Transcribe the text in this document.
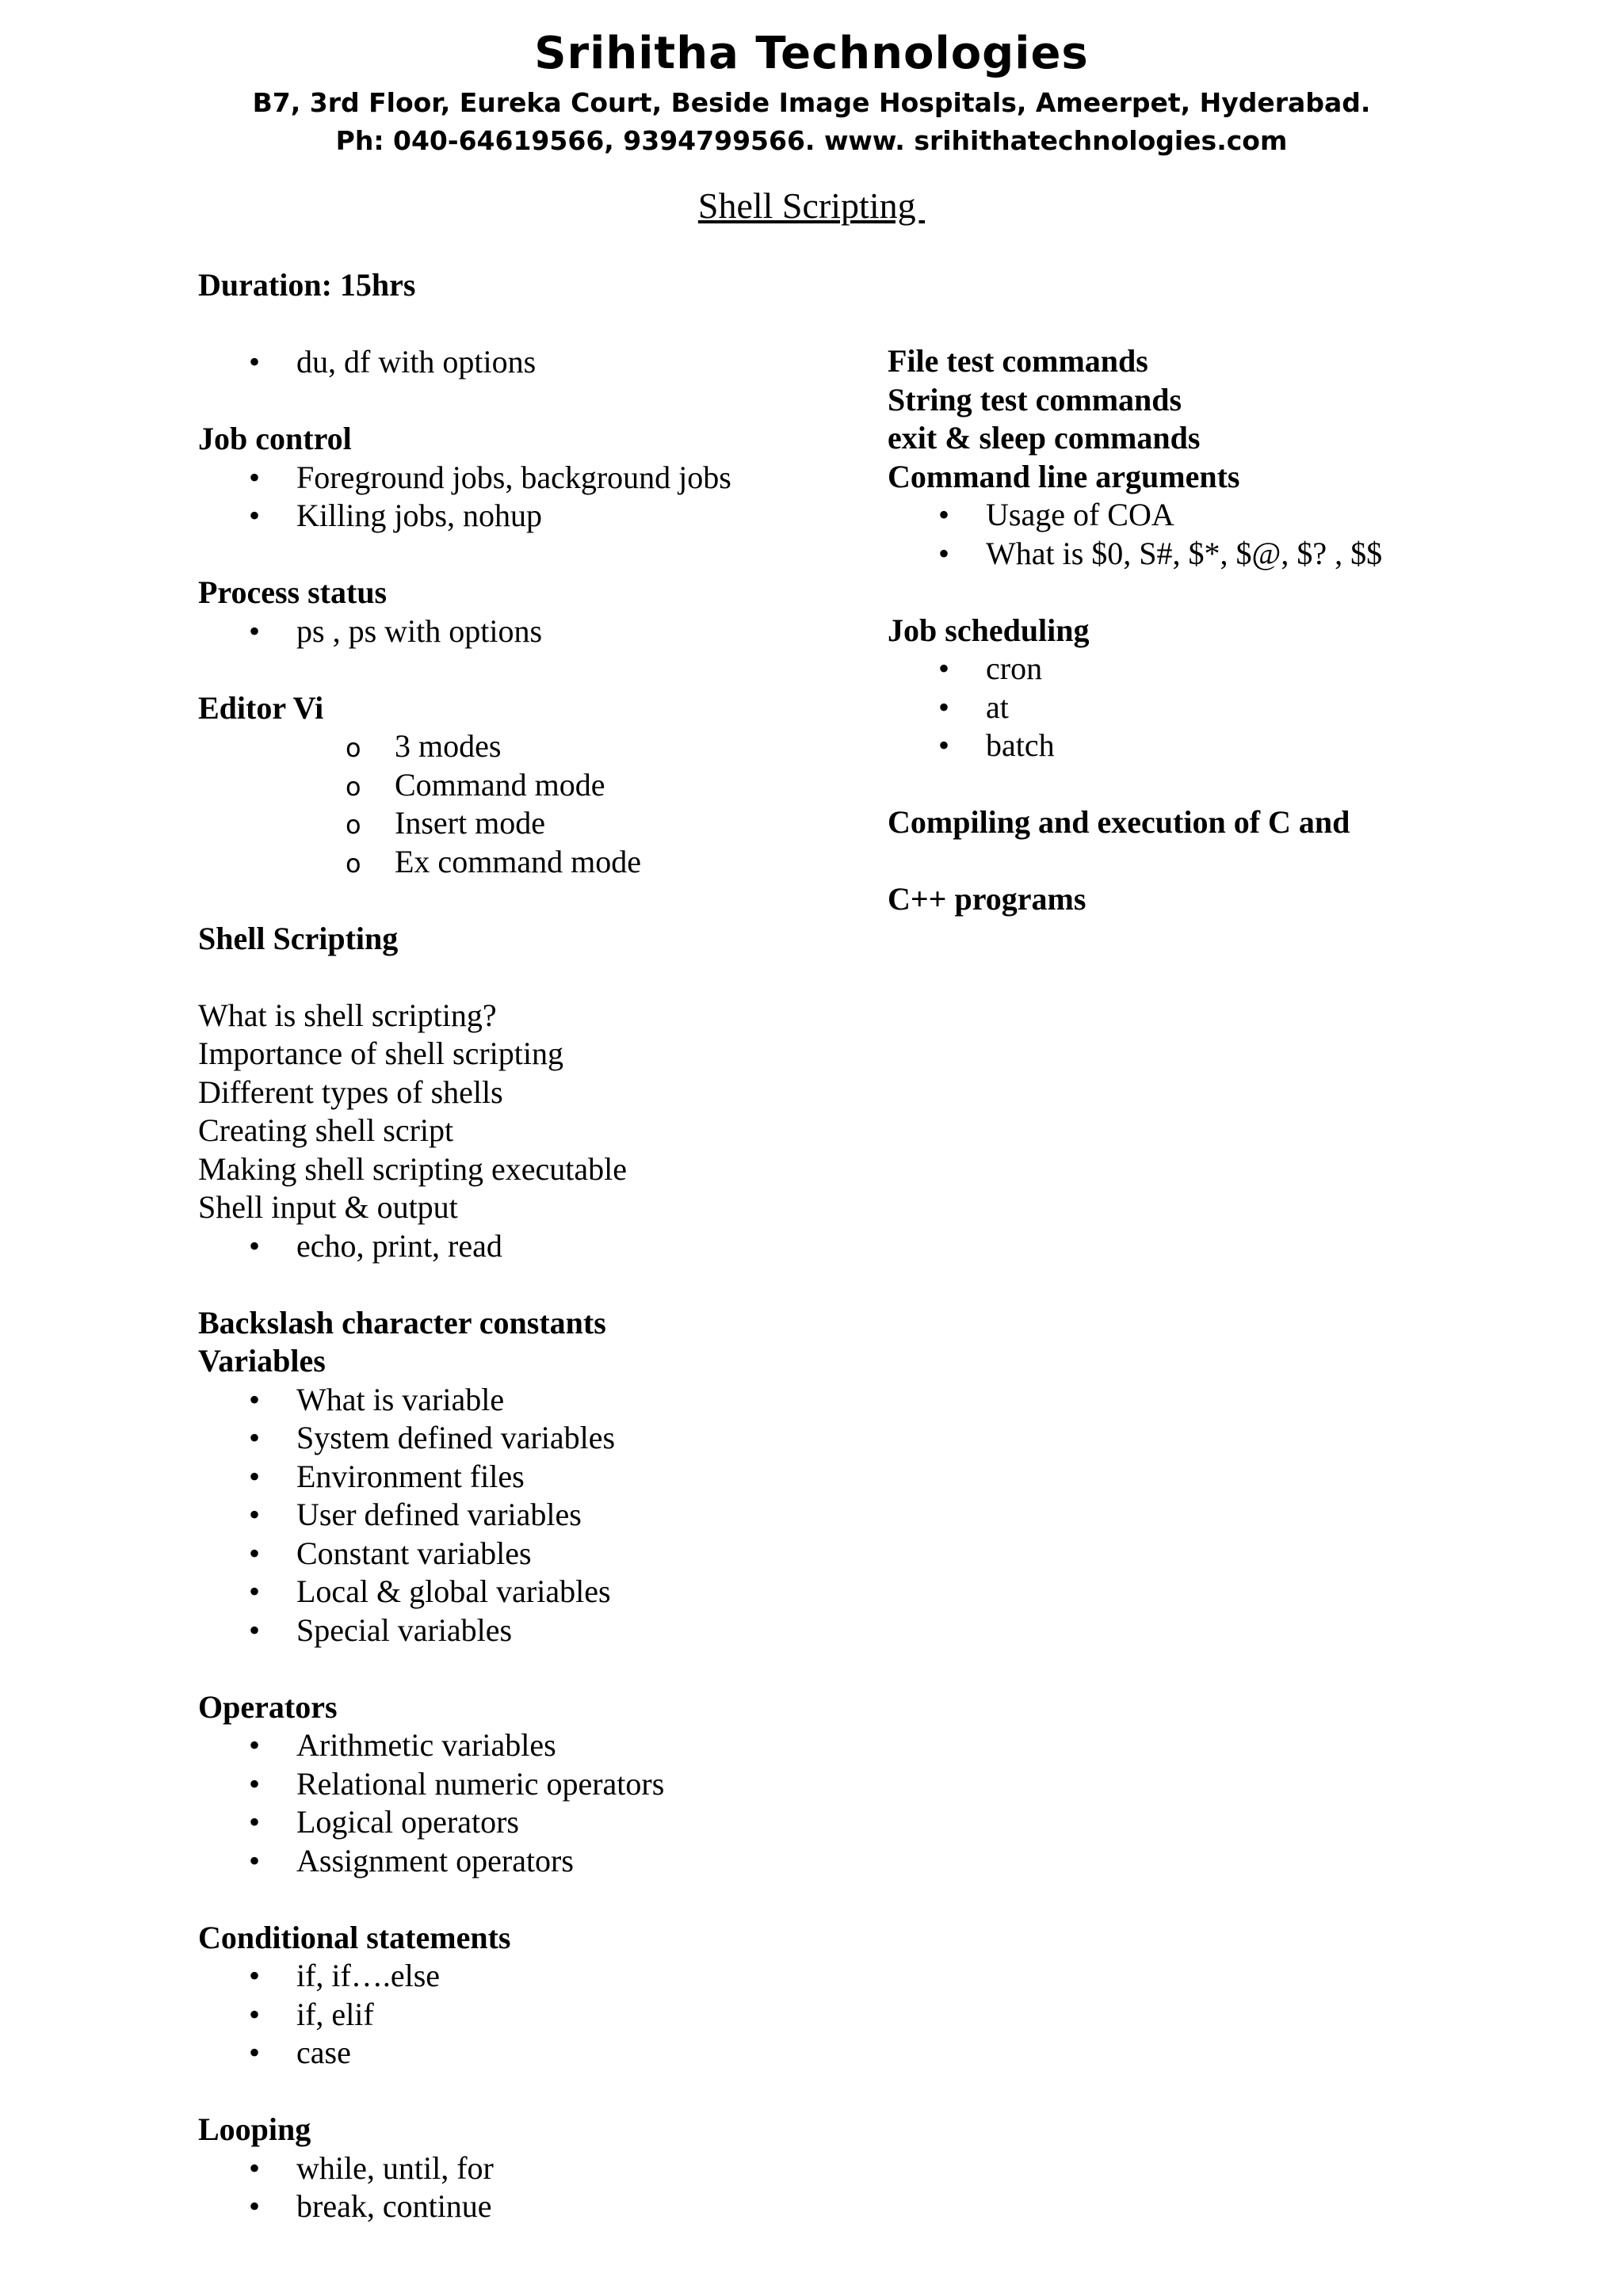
Srihitha Technologies
B7, 3rd Floor, Eureka Court, Beside Image Hospitals, Ameerpet, Hyderabad.
Ph: 040-64619566, 9394799566. www. srihithatechnologies.com
Shell Scripting
Duration: 15hrs
• du, df with options
Job control
• Foreground jobs, background jobs
• Killing jobs, nohup
Process status
• ps , ps with options
Editor Vi
o 3 modes
o Command mode
o Insert mode
o Ex command mode
Shell Scripting
What is shell scripting?
Importance of shell scripting
Different types of shells
Creating shell script
Making shell scripting executable
Shell input & output
• echo, print, read
Backslash character constants
Variables
• What is variable
• System defined variables
• Environment files
• User defined variables
• Constant variables
• Local & global variables
• Special variables
Operators
• Arithmetic variables
• Relational numeric operators
• Logical operators
• Assignment operators
Conditional statements
• if, if….else
• if, elif
• case
Looping
• while, until, for
• break, continue
File test commands
String test commands
exit & sleep commands
Command line arguments
• Usage of COA
• What is $0, S#, $*, $@, $? , $$
Job scheduling
• cron
• at
• batch
Compiling and execution of C and
C++ programs
